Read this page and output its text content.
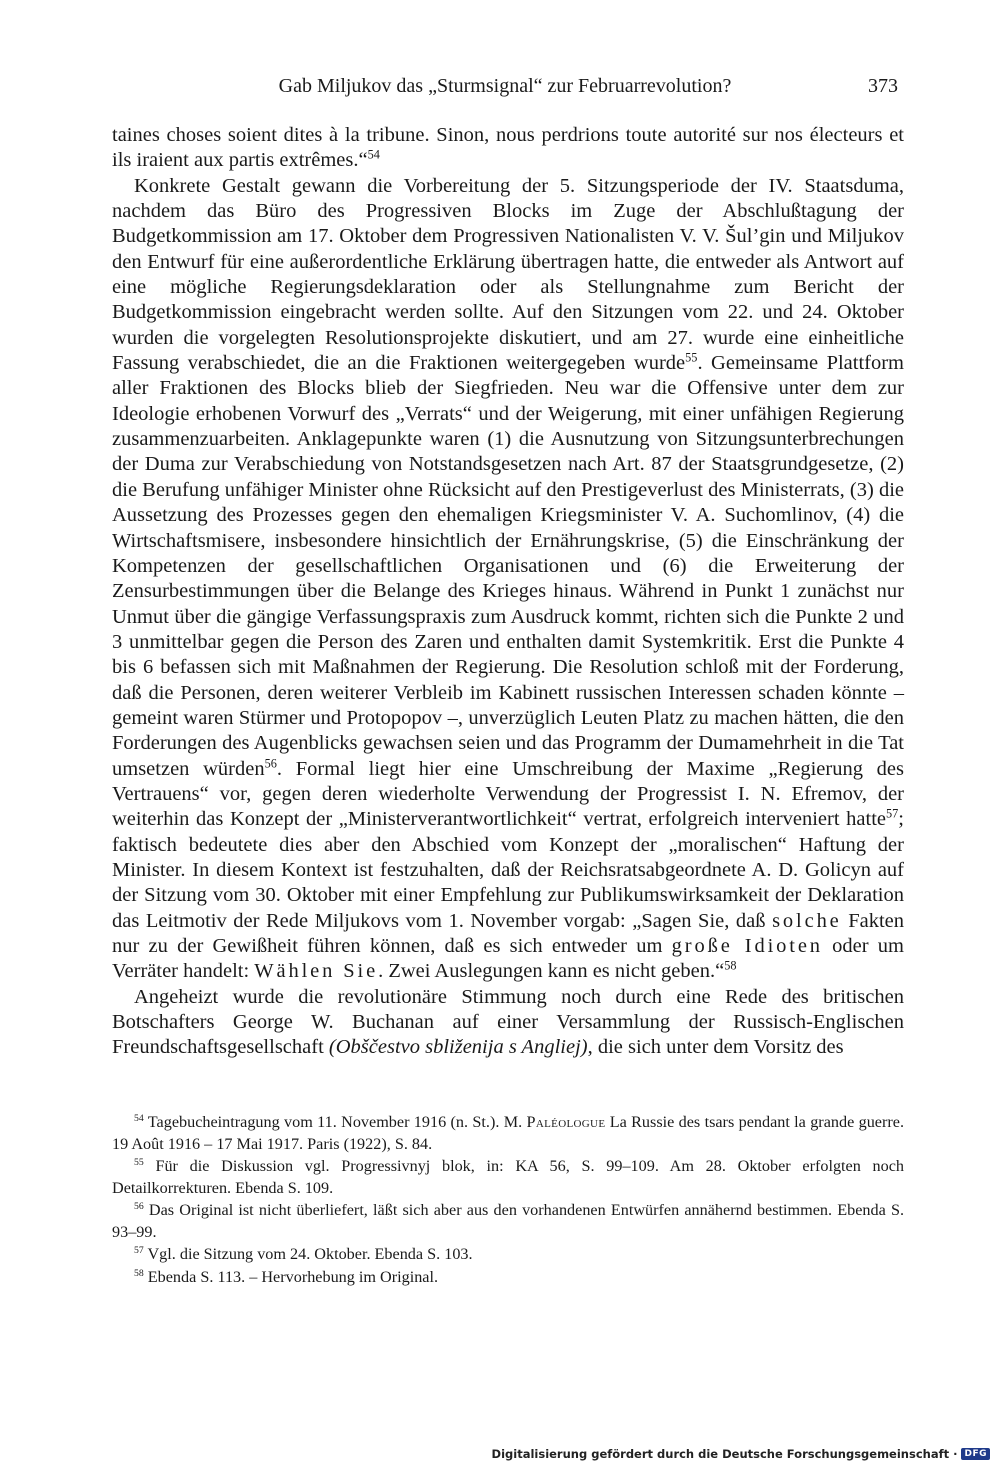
Gab Miljukov das „Sturmsignal“ zur Februarrevolution?	373

taines choses soient dites à la tribune. Sinon, nous perdrions toute autorité sur nos électeurs et ils iraient aux partis extrêmes.“$^{54}$

Konkrete Gestalt gewann die Vorbereitung der 5. Sitzungsperiode der IV. Staatsduma, nachdem das Büro des Progressiven Blocks im Zuge der Abschlußtagung der Budgetkommission am 17. Oktober dem Progressiven Nationalisten V. V. Šul’gin und Miljukov den Entwurf für eine außerordentliche Erklärung übertragen hatte, die entweder als Antwort auf eine mögliche Regierungsdeklaration oder als Stellungnahme zum Bericht der Budgetkommission eingebracht werden sollte. Auf den Sitzungen vom 22. und 24. Oktober wurden die vorgelegten Resolutionsprojekte diskutiert, und am 27. wurde eine einheitliche Fassung verabschiedet, die an die Fraktionen weitergegeben wurde$^{55}$. Gemeinsame Plattform aller Fraktionen des Blocks blieb der Siegfrieden. Neu war die Offensive unter dem zur Ideologie erhobenen Vorwurf des „Verrats“ und der Weigerung, mit einer unfähigen Regierung zusammenzuarbeiten. Anklagepunkte waren (1) die Ausnutzung von Sitzungsunterbrechungen der Duma zur Verabschiedung von Notstandsgesetzen nach Art. 87 der Staatsgrundgesetze, (2) die Berufung unfähiger Minister ohne Rücksicht auf den Prestigeverlust des Ministerrats, (3) die Aussetzung des Prozesses gegen den ehemaligen Kriegsminister V. A. Suchomlinov, (4) die Wirtschaftsmisere, insbesondere hinsichtlich der Ernährungskrise, (5) die Einschränkung der Kompetenzen der gesellschaftlichen Organisationen und (6) die Erweiterung der Zensurbestimmungen über die Belange des Krieges hinaus. Während in Punkt 1 zunächst nur Unmut über die gängige Verfassungspraxis zum Ausdruck kommt, richten sich die Punkte 2 und 3 unmittelbar gegen die Person des Zaren und enthalten damit Systemkritik. Erst die Punkte 4 bis 6 befassen sich mit Maßnahmen der Regierung. Die Resolution schloß mit der Forderung, daß die Personen, deren weiterer Verbleib im Kabinett russischen Interessen schaden könnte – gemeint waren Stürmer und Protopopov –, unverzüglich Leuten Platz zu machen hätten, die den Forderungen des Augenblicks gewachsen seien und das Programm der Dumamehrheit in die Tat umsetzen würden$^{56}$. Formal liegt hier eine Umschreibung der Maxime „Regierung des Vertrauens“ vor, gegen deren wiederholte Verwendung der Progressist I. N. Efremov, der weiterhin das Konzept der „Ministerverantwortlichkeit“ vertrat, erfolgreich interveniert hatte$^{57}$; faktisch bedeutete dies aber den Abschied vom Konzept der „moralischen“ Haftung der Minister. In diesem Kontext ist festzuhalten, daß der Reichsratsabgeordnete A. D. Golicyn auf der Sitzung vom 30. Oktober mit einer Empfehlung zur Publikumswirksamkeit der Deklaration das Leitmotiv der Rede Miljukovs vom 1. November vorgab: „Sagen Sie, daß solche Fakten nur zu der Gewißheit führen können, daß es sich entweder um große Idioten oder um Verräter handelt: Wählen Sie. Zwei Auslegungen kann es nicht geben.“$^{58}$

Angeheizt wurde die revolutionäre Stimmung noch durch eine Rede des britischen Botschafters George W. Buchanan auf einer Versammlung der Russisch-Englischen Freundschaftsgesellschaft (Obščestvo sbliženija s Angliej), die sich unter dem Vorsitz des

$^{54}$ Tagebucheintragung vom 11. November 1916 (n. St.). M. Paléologue La Russie des tsars pendant la grande guerre. 19 Août 1916 – 17 Mai 1917. Paris (1922), S. 84.

$^{55}$ Für die Diskussion vgl. Progressivnyj blok, in: KA 56, S. 99–109. Am 28. Oktober erfolgten noch Detailkorrekturen. Ebenda S. 109.

$^{56}$ Das Original ist nicht überliefert, läßt sich aber aus den vorhandenen Entwürfen annähernd bestimmen. Ebenda S. 93–99.

$^{57}$ Vgl. die Sitzung vom 24. Oktober. Ebenda S. 103.

$^{58}$ Ebenda S. 113. – Hervorhebung im Original.

Digitalisierung gefördert durch die Deutsche Forschungsgemeinschaft · DFG
